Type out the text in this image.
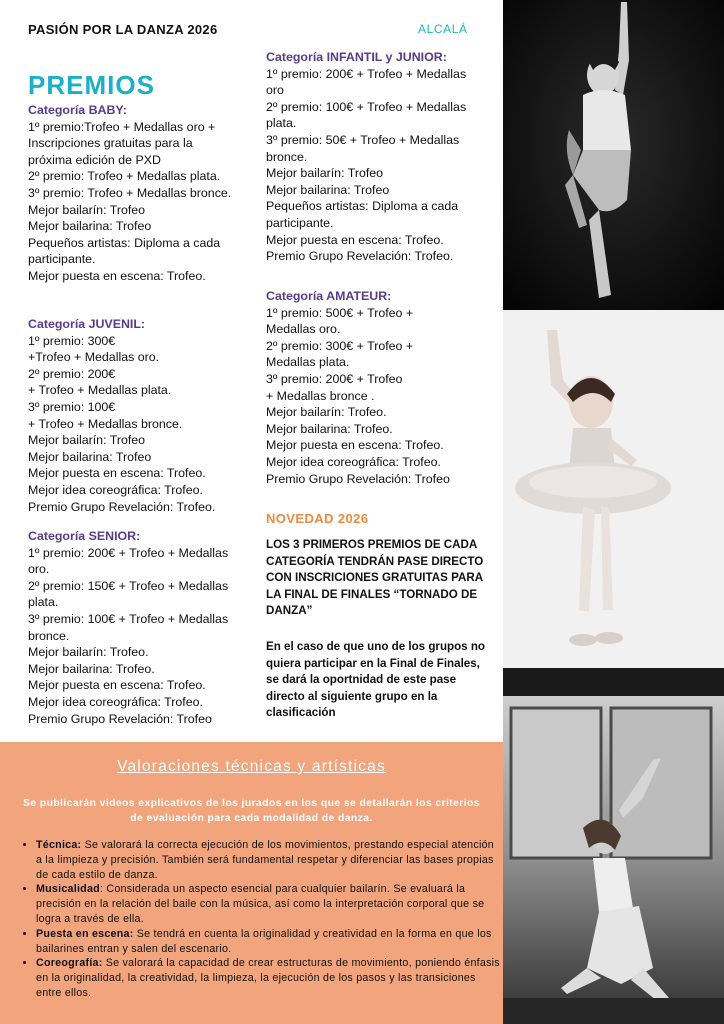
PASIÓN POR LA DANZA 2026	ALCALÁ
PREMIOS
Categoría BABY:
1º premio:Trofeo + Medallas oro +
Inscripciones gratuitas para la
próxima edición de PXD
2º premio: Trofeo + Medallas plata.
3º premio: Trofeo + Medallas bronce.
Mejor bailarín: Trofeo
Mejor bailarina: Trofeo
Pequeños artistas: Diploma a cada
participante.
Mejor puesta en escena: Trofeo.
Categoría JUVENIL:
1º premio: 300€
+Trofeo + Medallas oro.
2º premio: 200€
+ Trofeo + Medallas plata.
3º premio: 100€
+ Trofeo + Medallas bronce.
Mejor bailarín: Trofeo
Mejor bailarina: Trofeo
Mejor puesta en escena: Trofeo.
Mejor idea coreográfica: Trofeo.
Premio Grupo Revelación: Trofeo.
Categoría SENIOR:
1º premio: 200€ + Trofeo + Medallas
oro.
2º premio: 150€ + Trofeo + Medallas
plata.
3º premio: 100€ + Trofeo + Medallas
bronce.
Mejor bailarín: Trofeo.
Mejor bailarina: Trofeo.
Mejor puesta en escena: Trofeo.
Mejor idea coreográfica: Trofeo.
Premio Grupo Revelación: Trofeo
Categoría INFANTIL y JUNIOR:
1º premio: 200€ + Trofeo + Medallas
oro
2º premio: 100€ + Trofeo + Medallas
plata.
3º premio: 50€ + Trofeo + Medallas
bronce.
Mejor bailarín: Trofeo
Mejor bailarina: Trofeo
Pequeños artistas: Diploma a cada
participante.
Mejor puesta en escena: Trofeo.
Premio Grupo Revelación: Trofeo.
Categoría AMATEUR:
1º premio: 500€ + Trofeo +
Medallas oro.
2º premio: 300€ + Trofeo +
Medallas plata.
3º premio: 200€ + Trofeo
+ Medallas bronce .
Mejor bailarín: Trofeo.
Mejor bailarina: Trofeo.
Mejor puesta en escena: Trofeo.
Mejor idea coreográfica: Trofeo.
Premio Grupo Revelación: Trofeo
NOVEDAD 2026
LOS 3 PRIMEROS PREMIOS DE CADA CATEGORÍA TENDRÁN PASE DIRECTO CON INSCRICIONES GRATUITAS PARA LA FINAL DE FINALES “TORNADO DE DANZA”
En el caso de que uno de los grupos no quiera participar en la Final de Finales, se dará la oportnidad de este pase directo al siguiente grupo en la clasificación
Valoraciones técnicas y artísticas
Se publicarán videos explicativos de los jurados en los que se detallarán los criterios de evaluación para cada modalidad de danza.
• Técnica: Se valorará la correcta ejecución de los movimientos, prestando especial atención a la limpieza y precisión. También será fundamental respetar y diferenciar las bases propias de cada estilo de danza.
• Musicalidad: Considerada un aspecto esencial para cualquier bailarín. Se evaluará la precisión en la relación del baile con la música, así como la interpretación corporal que se logra a través de ella.
• Puesta en escena: Se tendrá en cuenta la originalidad y creatividad en la forma en que los bailarines entran y salen del escenario.
• Coreografía: Se valorará la capacidad de crear estructuras de movimiento, poniendo énfasis en la originalidad, la creatividad, la limpieza, la ejecución de los pasos y las transiciones entre ellos.
